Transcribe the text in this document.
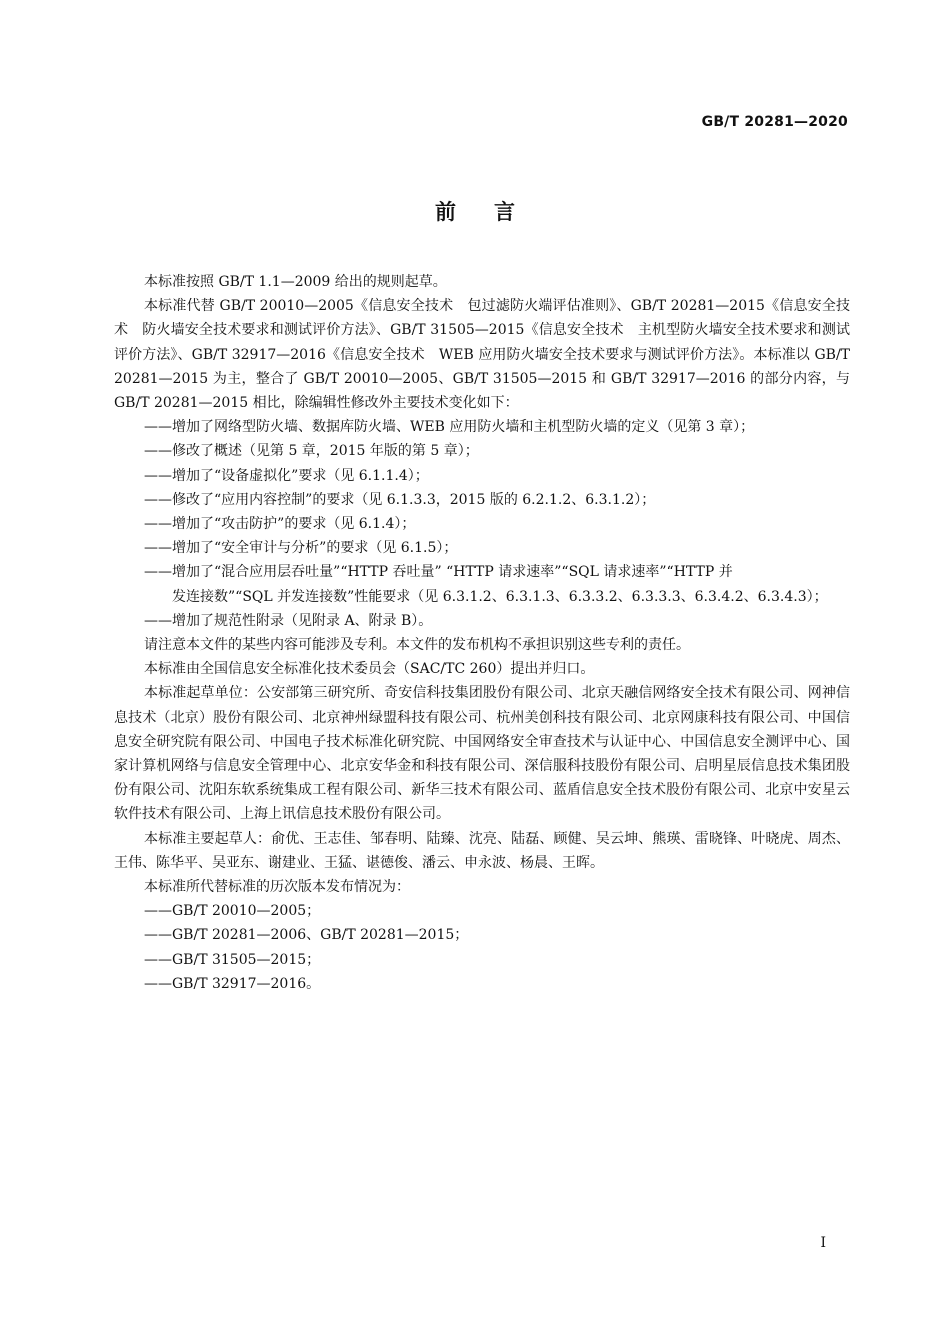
GB/T 20281—2020
前言

本标准按照 GB/T 1.1—2009 给出的规则起草。

本标准代替 GB/T 20010—2005《信息安全技术　包过滤防火端评估准则》、GB/T 20281—2015《信息安全技术　防火墙安全技术要求和测试评价方法》、GB/T 31505—2015《信息安全技术　主机型防火墙安全技术要求和测试评价方法》、GB/T 32917—2016《信息安全技术　WEB 应用防火墙安全技术要求与测试评价方法》。本标准以 GB/T 20281—2015 为主，整合了 GB/T 20010—2005、GB/T 31505—2015 和 GB/T 32917—2016 的部分内容，与 GB/T 20281—2015 相比，除编辑性修改外主要技术变化如下：

——增加了网络型防火墙、数据库防火墙、WEB 应用防火墙和主机型防火墙的定义（见第 3 章）；

——修改了概述（见第 5 章，2015 年版的第 5 章）；

——增加了“设备虚拟化”要求（见 6.1.1.4）；

——修改了“应用内容控制”的要求（见 6.1.3.3，2015 版的 6.2.1.2、6.3.1.2）；

——增加了“攻击防护”的要求（见 6.1.4）；

——增加了“安全审计与分析”的要求（见 6.1.5）；

——增加了“混合应用层吞吐量”“HTTP 吞吐量” “HTTP 请求速率”“SQL 请求速率”“HTTP 并

发连接数”“SQL 并发连接数”性能要求（见 6.3.1.2、6.3.1.3、6.3.3.2、6.3.3.3、6.3.4.2、6.3.4.3）；

——增加了规范性附录（见附录 A、附录 B）。

请注意本文件的某些内容可能涉及专利。本文件的发布机构不承担识别这些专利的责任。

本标准由全国信息安全标准化技术委员会（SAC/TC 260）提出并归口。

本标准起草单位：公安部第三研究所、奇安信科技集团股份有限公司、北京天融信网络安全技术有限公司、网神信息技术（北京）股份有限公司、北京神州绿盟科技有限公司、杭州美创科技有限公司、北京网康科技有限公司、中国信息安全研究院有限公司、中国电子技术标准化研究院、中国网络安全审查技术与认证中心、中国信息安全测评中心、国家计算机网络与信息安全管理中心、北京安华金和科技有限公司、深信服科技股份有限公司、启明星辰信息技术集团股份有限公司、沈阳东软系统集成工程有限公司、新华三技术有限公司、蓝盾信息安全技术股份有限公司、北京中安星云软件技术有限公司、上海上讯信息技术股份有限公司。

本标准主要起草人：俞优、王志佳、邹春明、陆臻、沈亮、陆磊、顾健、吴云坤、熊瑛、雷晓锋、叶晓虎、周杰、王伟、陈华平、吴亚东、谢建业、王猛、谌德俊、潘云、申永波、杨晨、王晖。

本标准所代替标准的历次版本发布情况为：

——GB/T 20010—2005；

——GB/T 20281—2006、GB/T 20281—2015；

——GB/T 31505—2015；

——GB/T 32917—2016。

I
